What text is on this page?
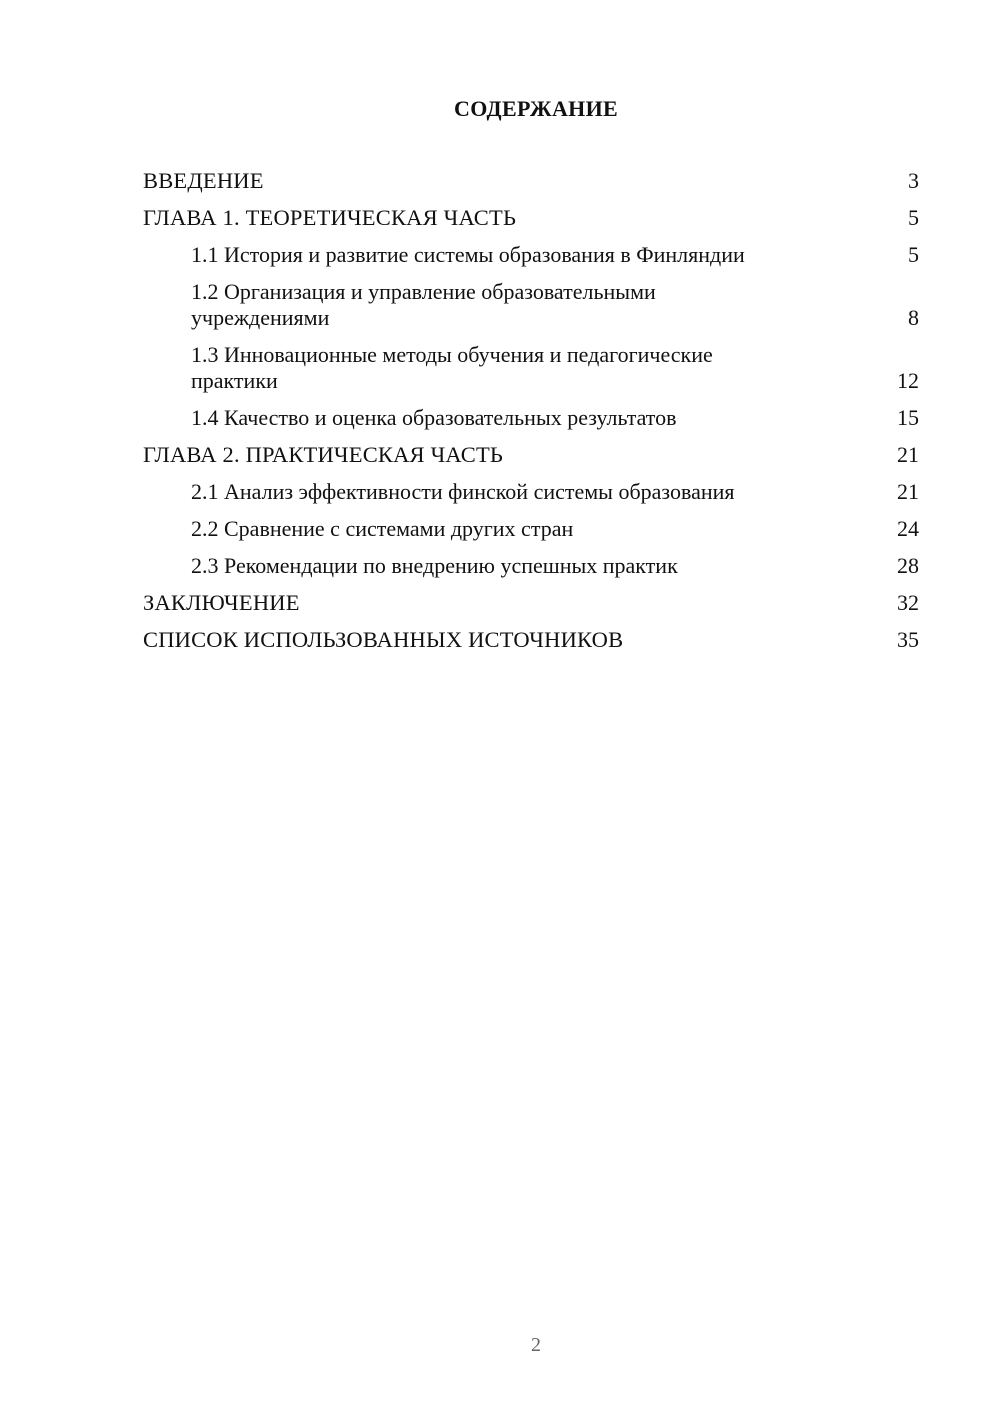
СОДЕРЖАНИЕ
ВВЕДЕНИЕ	3
ГЛАВА 1. ТЕОРЕТИЧЕСКАЯ ЧАСТЬ	5
1.1 История и развитие системы образования в Финляндии	5
1.2 Организация и управление образовательными учреждениями	8
1.3 Инновационные методы обучения и педагогические практики	12
1.4 Качество и оценка образовательных результатов	15
ГЛАВА 2. ПРАКТИЧЕСКАЯ ЧАСТЬ	21
2.1 Анализ эффективности финской системы образования	21
2.2 Сравнение с системами других стран	24
2.3 Рекомендации по внедрению успешных практик	28
ЗАКЛЮЧЕНИЕ	32
СПИСОК ИСПОЛЬЗОВАННЫХ ИСТОЧНИКОВ	35
2
